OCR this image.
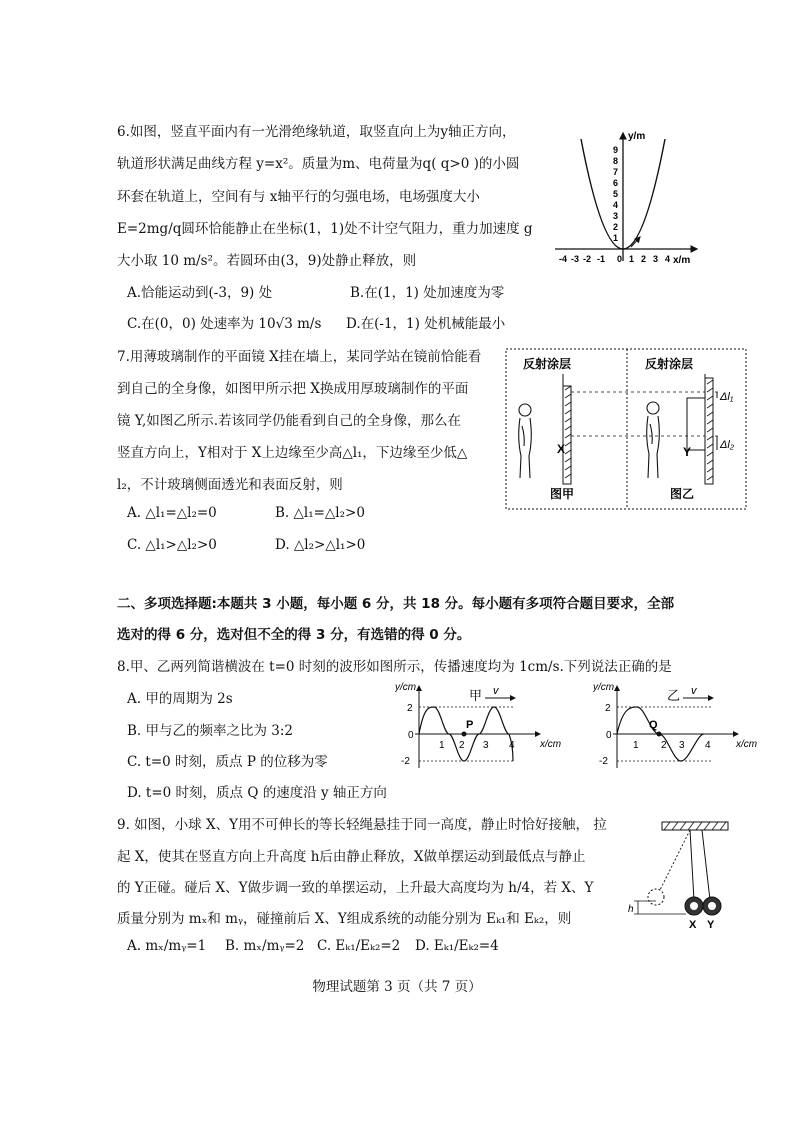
6.如图，竖直平面内有一光滑绝缘轨道，取竖直向上为y轴正方向，
轨道形状满足曲线方程 y=x²。质量为m、电荷量为q( q>0 )的小圆
环套在轨道上，空间有与 x轴平行的匀强电场，电场强度大小
E=2mg/q圆环恰能静止在坐标(1，1)处不计空气阻力，重力加速度 g
大小取 10 m/s²。若圆环由(3，9)处静止释放，则
A.恰能运动到(-3，9) 处	B.在(1，1) 处加速度为零
C.在(0，0) 处速率为 10√3 m/s D.在(-1，1) 处机械能最小
y/m
x/m
9
8
7
6
5
4
3
2
1
-4 -3 -2 -1 0 1 2 3 4
7.用薄玻璃制作的平面镜 X挂在墙上，某同学站在镜前恰能看
到自己的全身像，如图甲所示把 X换成用厚玻璃制作的平面
镜 Y,如图乙所示.若该同学仍能看到自己的全身像，那么在
竖直方向上，Y相对于 X上边缘至少高△l₁，下边缘至少低△
l₂，不计玻璃侧面透光和表面反射，则
A. △l₁=△l₂=0	B. △l₁=△l₂>0
C. △l₁>△l₂>0	D. △l₂>△l₁>0
反射涂层
X
图甲
反射涂层
Y
Δl₁
Δl₂
图乙
二、多项选择题:本题共 3 小题，每小题 6 分，共 18 分。每小题有多项符合题目要求，全部
选对的得 6 分，选对但不全的得 3 分，有选错的得 0 分。
8.甲、乙两列简谐横波在 t=0 时刻的波形如图所示，传播速度均为 1cm/s.下列说法正确的是
A. 甲的周期为 2s
B. 甲与乙的频率之比为 3:2
C. t=0 时刻，质点 P 的位移为零
D. t=0 时刻，质点 Q 的速度沿 y 轴正方向
y/cm
x/cm
2
0
-2
1 2 3 4
P
甲 v	y/cm
x/cm
2
0
-2
1 2 3 4
Q
乙 v
9. 如图，小球 X、Y用不可伸长的等长轻绳悬挂于同一高度，静止时恰好接触， 拉
起 X，使其在竖直方向上升高度 h后由静止释放，X做单摆运动到最低点与静止
的 Y正碰。碰后 X、Y做步调一致的单摆运动，上升最大高度均为 h/4，若 X、Y
质量分别为 mₓ和 mᵧ，碰撞前后 X、Y组成系统的动能分别为 Eₖ₁和 Eₖ₂，则
A. mₓ/mᵧ=1 B. mₓ/mᵧ=2 C. Eₖ₁/Eₖ₂=2 D. Eₖ₁/Eₖ₂=4
h
X Y
物理试题第 3 页（共 7 页）
